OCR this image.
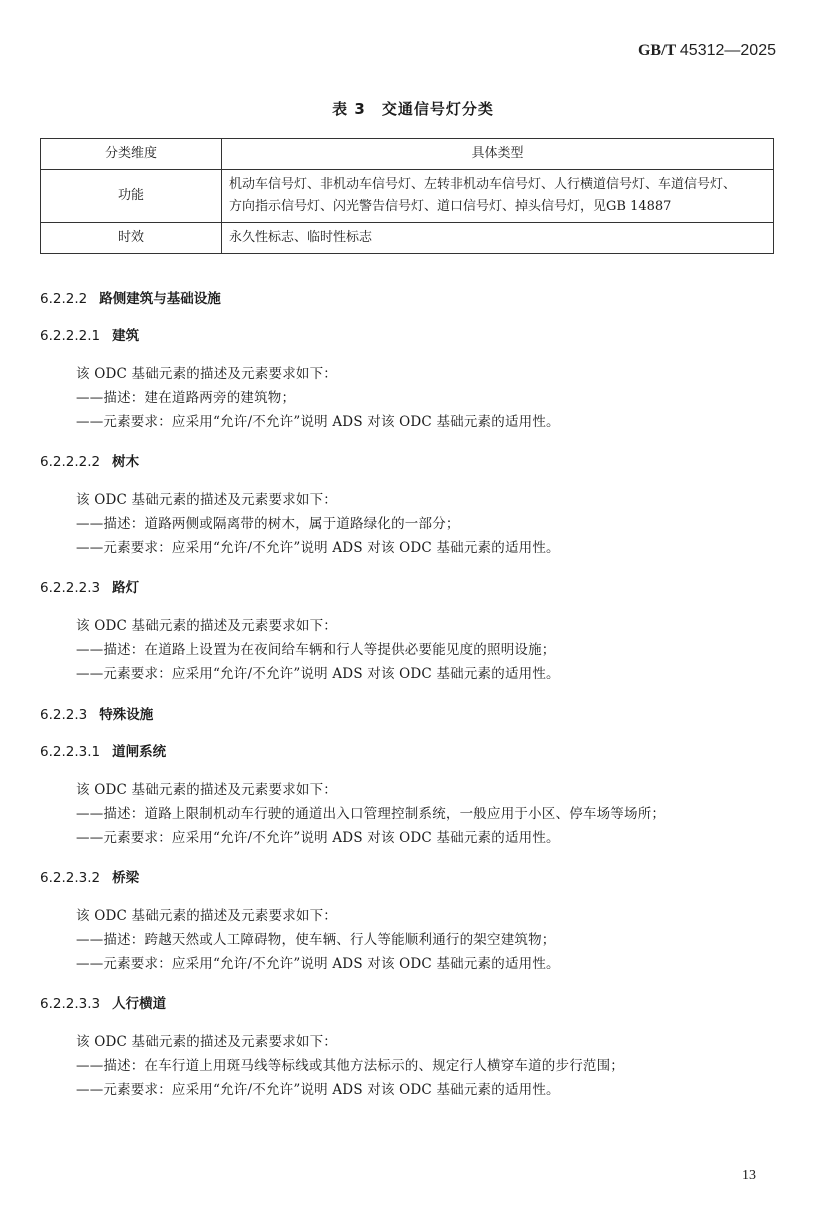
GB/T 45312—2025
表 3　交通信号灯分类
分类维度	具体类型
功能	机动车信号灯、非机动车信号灯、左转非机动车信号灯、人行横道信号灯、车道信号灯、
方向指示信号灯、闪光警告信号灯、道口信号灯、掉头信号灯，见GB 14887

时效	永久性标志、临时性标志
6.2.2.2 路侧建筑与基础设施
6.2.2.2.1 建筑
该 ODC 基础元素的描述及元素要求如下：
——描述：建在道路两旁的建筑物；
——元素要求：应采用“允许/不允许”说明 ADS 对该 ODC 基础元素的适用性。
6.2.2.2.2 树木
该 ODC 基础元素的描述及元素要求如下：
——描述：道路两侧或隔离带的树木，属于道路绿化的一部分；
——元素要求：应采用“允许/不允许”说明 ADS 对该 ODC 基础元素的适用性。
6.2.2.2.3 路灯
该 ODC 基础元素的描述及元素要求如下：
——描述：在道路上设置为在夜间给车辆和行人等提供必要能见度的照明设施；
——元素要求：应采用“允许/不允许”说明 ADS 对该 ODC 基础元素的适用性。
6.2.2.3 特殊设施
6.2.2.3.1 道闸系统
该 ODC 基础元素的描述及元素要求如下：
——描述：道路上限制机动车行驶的通道出入口管理控制系统，一般应用于小区、停车场等场所；
——元素要求：应采用“允许/不允许”说明 ADS 对该 ODC 基础元素的适用性。
6.2.2.3.2 桥梁
该 ODC 基础元素的描述及元素要求如下：
——描述：跨越天然或人工障碍物，使车辆、行人等能顺利通行的架空建筑物；
——元素要求：应采用“允许/不允许”说明 ADS 对该 ODC 基础元素的适用性。
6.2.2.3.3 人行横道
该 ODC 基础元素的描述及元素要求如下：
——描述：在车行道上用斑马线等标线或其他方法标示的、规定行人横穿车道的步行范围；
——元素要求：应采用“允许/不允许”说明 ADS 对该 ODC 基础元素的适用性。
13
